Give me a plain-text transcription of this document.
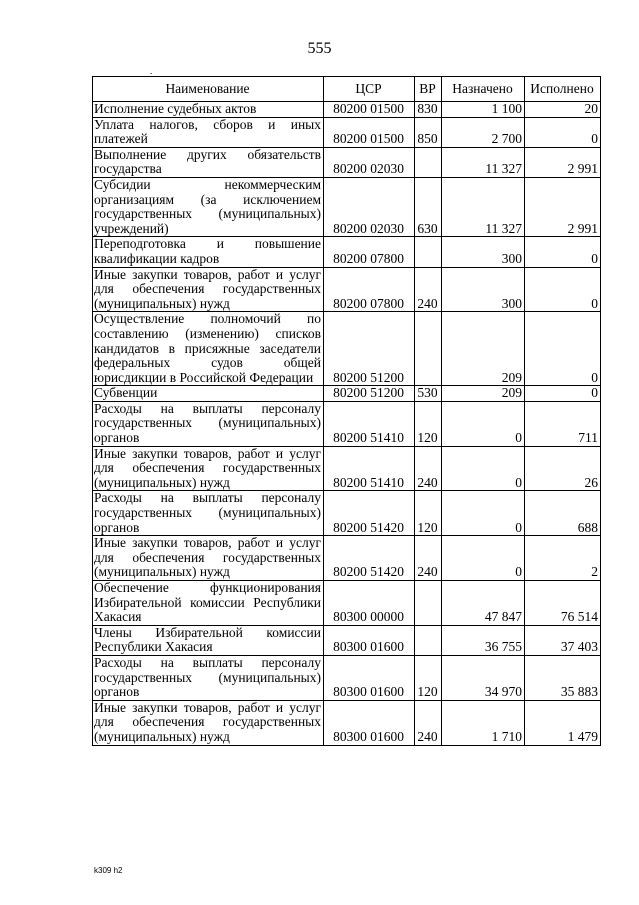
555
.
Наименование	ЦСР	ВР	Назначено	Исполнено
Исполнение судебных актов	80200 01500	830	1 100	20
Уплата налогов, сборов и иных платежей	80200 01500	850	2 700	0
Выполнение других обязательств государства	80200 02030		11 327	2 991
Субсидии некоммерческим организациям (за исключением государственных (муниципальных) учреждений)	80200 02030	630	11 327	2 991
Переподготовка и повышение квалификации кадров	80200 07800		300	0
Иные закупки товаров, работ и услуг для обеспечения государственных (муниципальных) нужд	80200 07800	240	300	0
Осуществление полномочий по составлению (изменению) списков кандидатов в присяжные заседатели федеральных судов общей юрисдикции в Российской Федерации	80200 51200		209	0
Субвенции	80200 51200	530	209	0
Расходы на выплаты персоналу государственных (муниципальных) органов	80200 51410	120	0	711
Иные закупки товаров, работ и услуг для обеспечения государственных (муниципальных) нужд	80200 51410	240	0	26
Расходы на выплаты персоналу государственных (муниципальных) органов	80200 51420	120	0	688
Иные закупки товаров, работ и услуг для обеспечения государственных (муниципальных) нужд	80200 51420	240	0	2
Обеспечение функционирования Избирательной комиссии Республики Хакасия	80300 00000		47 847	76 514
Члены Избирательной комиссии Республики Хакасия	80300 01600		36 755	37 403
Расходы на выплаты персоналу государственных (муниципальных) органов	80300 01600	120	34 970	35 883
Иные закупки товаров, работ и услуг для обеспечения государственных (муниципальных) нужд	80300 01600	240	1 710	1 479
k309 h2
